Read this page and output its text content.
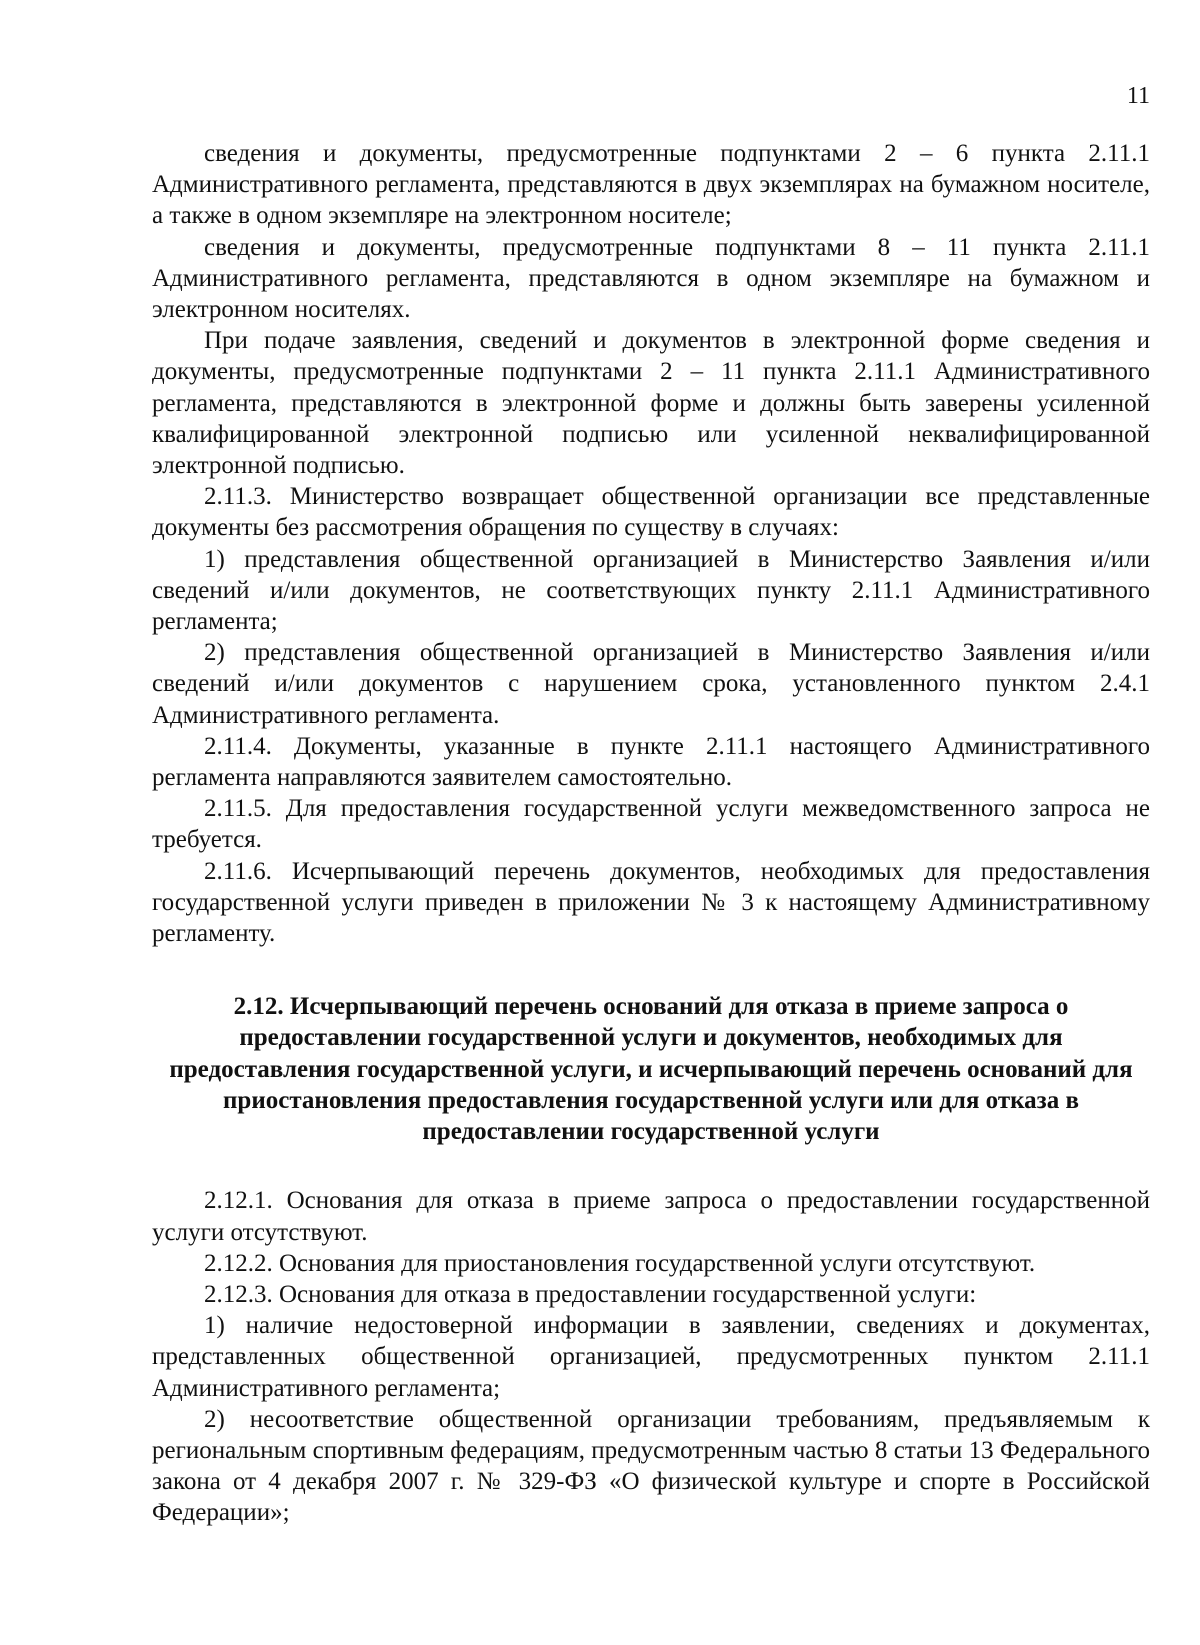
11

сведения и документы, предусмотренные подпунктами 2 – 6 пункта 2.11.1 Административного регламента, представляются в двух экземплярах на бумажном носителе, а также в одном экземпляре на электронном носителе;

сведения и документы, предусмотренные подпунктами 8 – 11 пункта 2.11.1 Административного регламента, представляются в одном экземпляре на бумажном и электронном носителях.

При подаче заявления, сведений и документов в электронной форме сведения и документы, предусмотренные подпунктами 2 – 11 пункта 2.11.1 Административного регламента, представляются в электронной форме и должны быть заверены усиленной квалифицированной электронной подписью или усиленной неквалифицированной электронной подписью.

2.11.3. Министерство возвращает общественной организации все представленные документы без рассмотрения обращения по существу в случаях:

1) представления общественной организацией в Министерство Заявления и/или сведений и/или документов, не соответствующих пункту 2.11.1 Административного регламента;

2) представления общественной организацией в Министерство Заявления и/или сведений и/или документов с нарушением срока, установленного пунктом 2.4.1 Административного регламента.

2.11.4. Документы, указанные в пункте 2.11.1 настоящего Административного регламента направляются заявителем самостоятельно.

2.11.5. Для предоставления государственной услуги межведомственного запроса не требуется.

2.11.6. Исчерпывающий перечень документов, необходимых для предоставления государственной услуги приведен в приложении № 3 к настоящему Административному регламенту.

2.12. Исчерпывающий перечень оснований для отказа в приеме запроса о предоставлении государственной услуги и документов, необходимых для предоставления государственной услуги, и исчерпывающий перечень оснований для приостановления предоставления государственной услуги или для отказа в предоставлении государственной услуги

2.12.1. Основания для отказа в приеме запроса о предоставлении государственной услуги отсутствуют.

2.12.2. Основания для приостановления государственной услуги отсутствуют.

2.12.3. Основания для отказа в предоставлении государственной услуги:

1) наличие недостоверной информации в заявлении, сведениях и документах, представленных общественной организацией, предусмотренных пунктом 2.11.1 Административного регламента;

2) несоответствие общественной организации требованиям, предъявляемым к региональным спортивным федерациям, предусмотренным частью 8 статьи 13 Федерального закона от 4 декабря 2007 г. № 329-ФЗ «О физической культуре и спорте в Российской Федерации»;
